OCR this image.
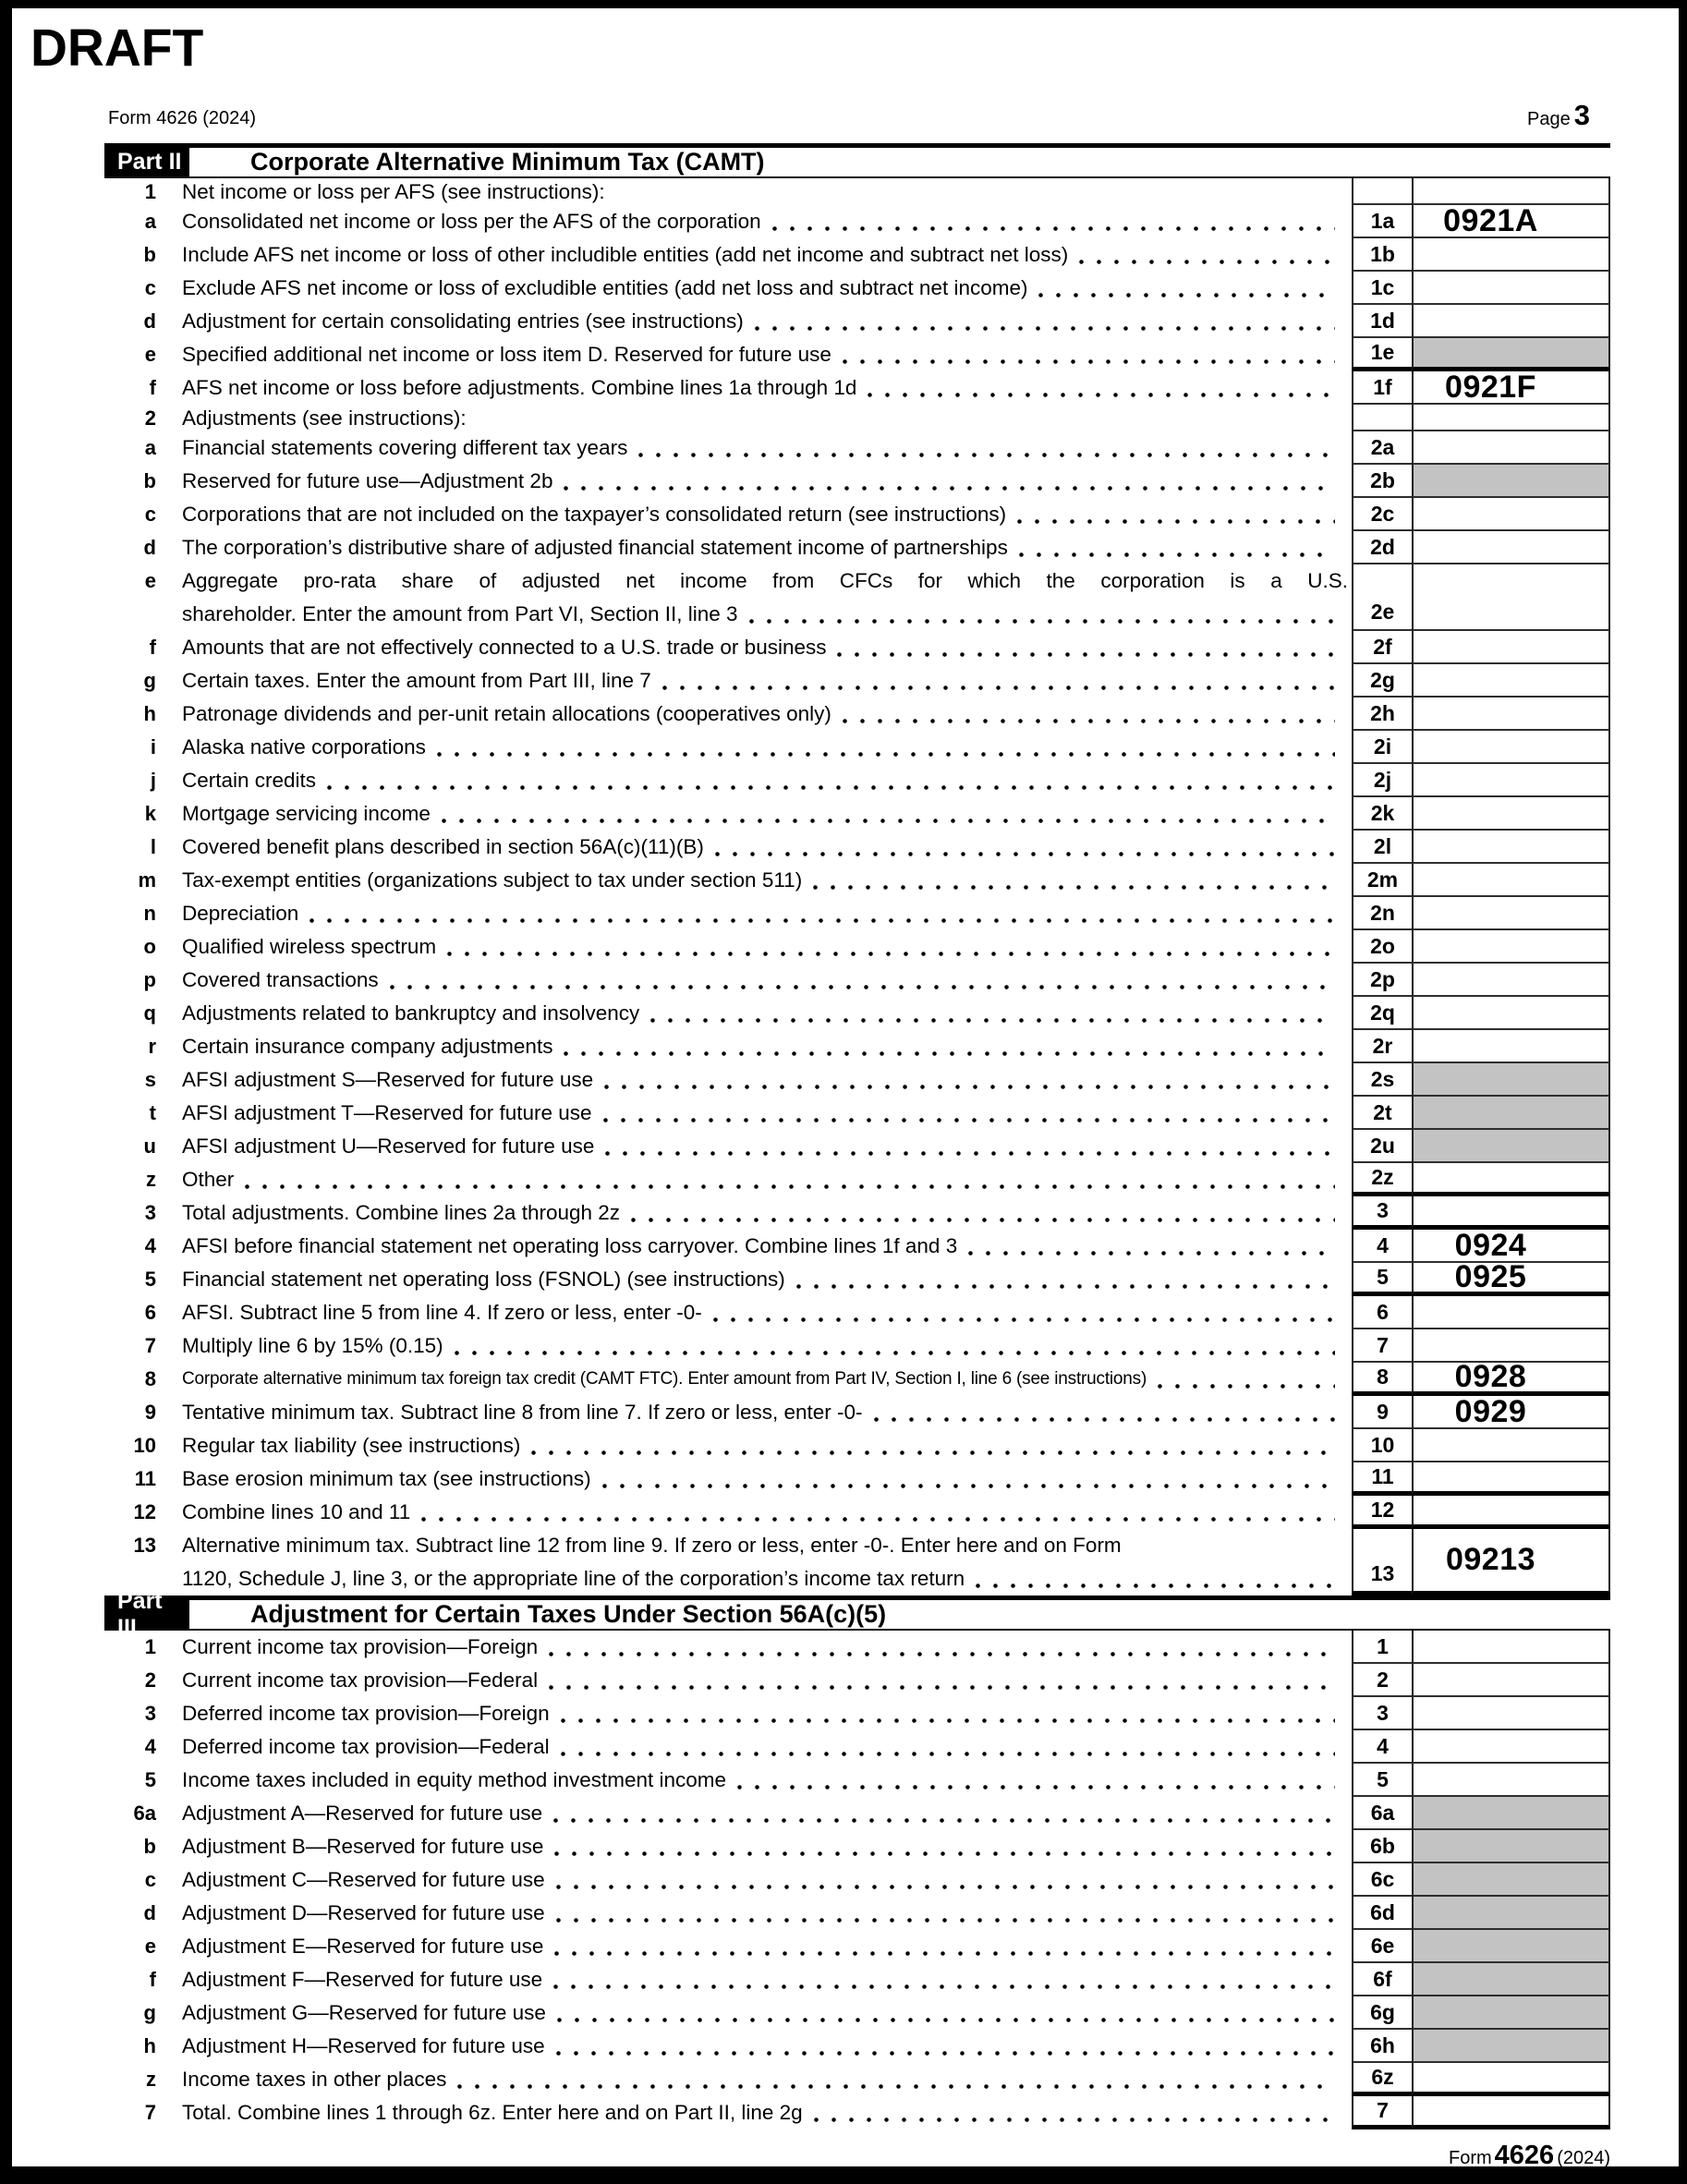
DRAFT
Form 4626 (2024)	Page 3
Part II	Corporate Alternative Minimum Tax (CAMT)
1 Net income or loss per AFS (see instructions):
a Consolidated net income or loss per the AFS of the corporation	1a	0921A
b Include AFS net income or loss of other includible entities (add net income and subtract net loss)	1b
c Exclude AFS net income or loss of excludible entities (add net loss and subtract net income)	1c
d Adjustment for certain consolidating entries (see instructions)	1d
e Specified additional net income or loss item D. Reserved for future use	1e
f AFS net income or loss before adjustments. Combine lines 1a through 1d	1f	0921F
2 Adjustments (see instructions):
a Financial statements covering different tax years	2a
b Reserved for future use—Adjustment 2b	2b
c Corporations that are not included on the taxpayer’s consolidated return (see instructions)	2c
d The corporation’s distributive share of adjusted financial statement income of partnerships	2d
e Aggregate pro-rata share of adjusted net income from CFCs for which the corporation is a U.S.
shareholder. Enter the amount from Part VI, Section II, line 3	2e
f Amounts that are not effectively connected to a U.S. trade or business	2f
g Certain taxes. Enter the amount from Part III, line 7	2g
h Patronage dividends and per-unit retain allocations (cooperatives only)	2h
i Alaska native corporations	2i
j Certain credits	2j
k Mortgage servicing income	2k
l Covered benefit plans described in section 56A(c)(11)(B)	2l
m Tax-exempt entities (organizations subject to tax under section 511)	2m
n Depreciation	2n
o Qualified wireless spectrum	2o
p Covered transactions	2p
q Adjustments related to bankruptcy and insolvency	2q
r Certain insurance company adjustments	2r
s AFSI adjustment S—Reserved for future use	2s
t AFSI adjustment T—Reserved for future use	2t
u AFSI adjustment U—Reserved for future use	2u
z Other	2z
3 Total adjustments. Combine lines 2a through 2z	3
4 AFSI before financial statement net operating loss carryover. Combine lines 1f and 3	4	0924
5 Financial statement net operating loss (FSNOL) (see instructions)	5	0925
6 AFSI. Subtract line 5 from line 4. If zero or less, enter -0-	6
7 Multiply line 6 by 15% (0.15)	7
8 Corporate alternative minimum tax foreign tax credit (CAMT FTC). Enter amount from Part IV, Section I, line 6 (see instructions)	8	0928
9 Tentative minimum tax. Subtract line 8 from line 7. If zero or less, enter -0-	9	0929
10 Regular tax liability (see instructions)	10
11 Base erosion minimum tax (see instructions)	11
12 Combine lines 10 and 11	12
13 Alternative minimum tax. Subtract line 12 from line 9. If zero or less, enter -0-. Enter here and on Form
1120, Schedule J, line 3, or the appropriate line of the corporation’s income tax return	13	09213
Part III	Adjustment for Certain Taxes Under Section 56A(c)(5)
1 Current income tax provision—Foreign	1
2 Current income tax provision—Federal	2
3 Deferred income tax provision—Foreign	3
4 Deferred income tax provision—Federal	4
5 Income taxes included in equity method investment income	5
6a Adjustment A—Reserved for future use	6a
b Adjustment B—Reserved for future use	6b
c Adjustment C—Reserved for future use	6c
d Adjustment D—Reserved for future use	6d
e Adjustment E—Reserved for future use	6e
f Adjustment F—Reserved for future use	6f
g Adjustment G—Reserved for future use	6g
h Adjustment H—Reserved for future use	6h
z Income taxes in other places	6z
7 Total. Combine lines 1 through 6z. Enter here and on Part II, line 2g	7
Form 4626 (2024)
